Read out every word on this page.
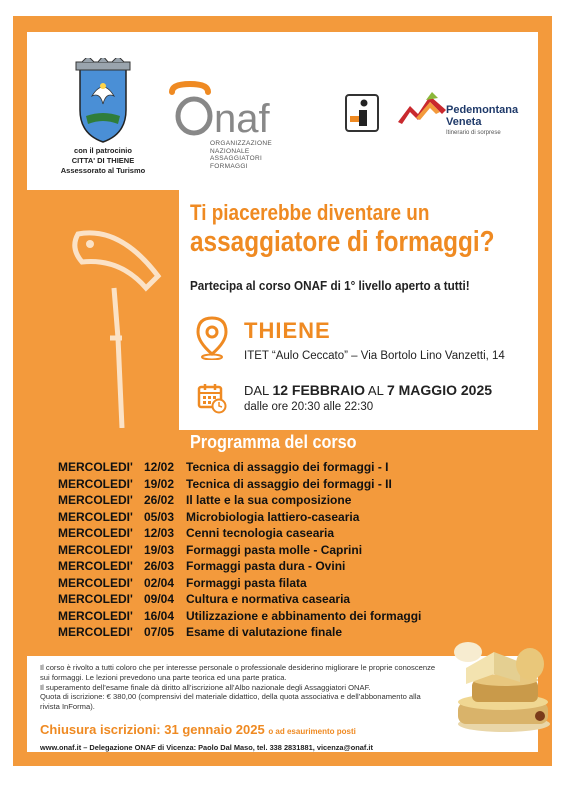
con il patrocinio
CITTA' DI THIENE
Assessorato al Turismo
naf
ORGANIZZAZIONE
NAZIONALE
ASSAGGIATORI
FORMAGGI
Pedemontana
Veneta
Itinerario di sorprese
Ti piacerebbe diventare un
assaggiatore di formaggi?
Partecipa al corso ONAF di 1° livello aperto a tutti!
THIENE
ITET “Aulo Ceccato” – Via Bortolo Lino Vanzetti, 14
DAL 12 FEBBRAIO AL 7 MAGGIO 2025
dalle ore 20:30 alle 22:30
Programma del corso
MERCOLEDI' 12/02 Tecnica di assaggio dei formaggi - I
MERCOLEDI' 19/02 Tecnica di assaggio dei formaggi - II
MERCOLEDI' 26/02 Il latte e la sua composizione
MERCOLEDI' 05/03 Microbiologia lattiero-casearia
MERCOLEDI' 12/03 Cenni tecnologia casearia
MERCOLEDI' 19/03 Formaggi pasta molle - Caprini
MERCOLEDI' 26/03 Formaggi pasta dura - Ovini
MERCOLEDI' 02/04 Formaggi pasta filata
MERCOLEDI' 09/04 Cultura e normativa casearia
MERCOLEDI' 16/04 Utilizzazione e abbinamento dei formaggi
MERCOLEDI' 07/05 Esame di valutazione finale

Il corso è rivolto a tutti coloro che per interesse personale o professionale desiderino migliorare le proprie conoscenze sui formaggi. Le lezioni prevedono una parte teorica ed una parte pratica.

Il superamento dell’esame finale dà diritto all’iscrizione all’Albo nazionale degli Assaggiatori ONAF.

Quota di iscrizione: € 380,00 (comprensivi del materiale didattico, della quota associativa e dell’abbonamento alla rivista InForma).

Chiusura iscrizioni: 31 gennaio 2025 o ad esaurimento posti
www.onaf.it – Delegazione ONAF di Vicenza: Paolo Dal Maso, tel. 338 2831881, vicenza@onaf.it
